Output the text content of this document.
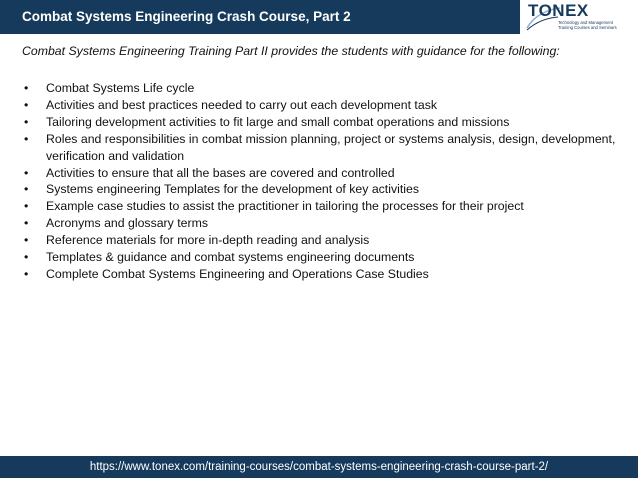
Combat Systems Engineering Crash Course, Part 2	TONEX
Technology and Management
Training Courses and Seminars
Combat Systems Engineering Training Part II provides the students with guidance for the following:
• Combat Systems Life cycle
• Activities and best practices needed to carry out each development task
• Tailoring development activities to fit large and small combat operations and missions
• Roles and responsibilities in combat mission planning, project or systems analysis, design, development, verification and validation
• Activities to ensure that all the bases are covered and controlled
• Systems engineering Templates for the development of key activities
• Example case studies to assist the practitioner in tailoring the processes for their project
• Acronyms and glossary terms
• Reference materials for more in-depth reading and analysis
• Templates & guidance and combat systems engineering documents
• Complete Combat Systems Engineering and Operations Case Studies
https://www.tonex.com/training-courses/combat-systems-engineering-crash-course-part-2/
